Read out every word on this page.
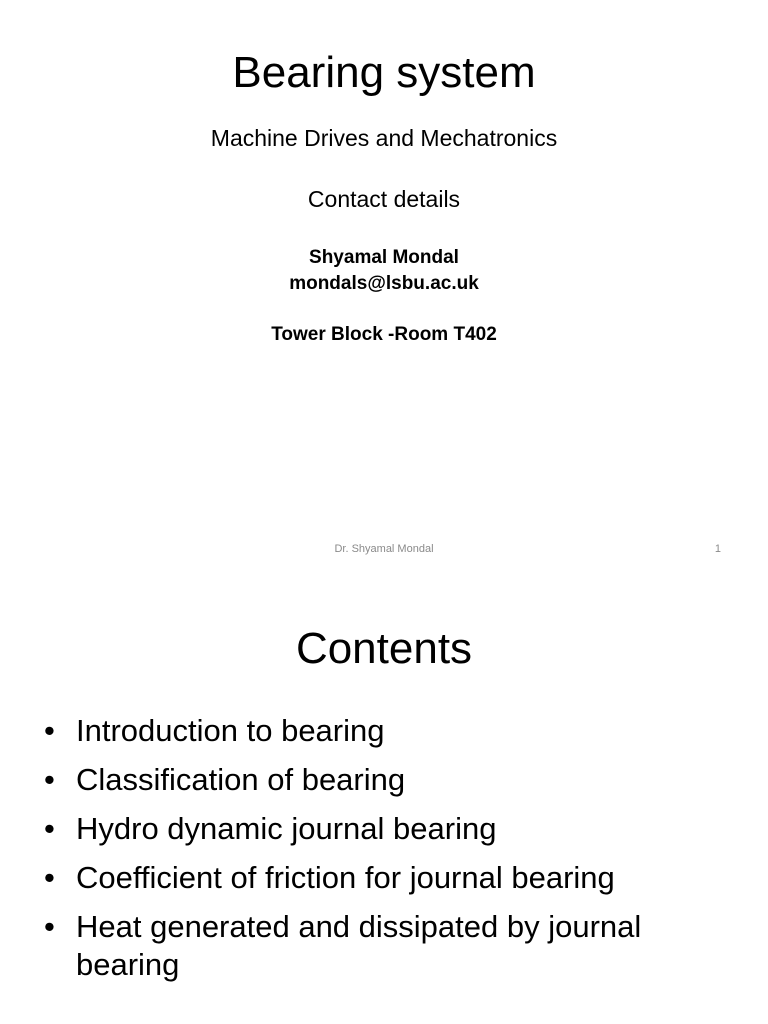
Bearing system
Machine Drives and Mechatronics
Contact details
Shyamal Mondal
mondals@lsbu.ac.uk
Tower Block -Room T402
Dr. Shyamal Mondal	1
Contents
• Introduction to bearing
• Classification of bearing
• Hydro dynamic journal bearing
• Coefficient of friction for journal bearing
• Heat generated and dissipated by journal bearing
